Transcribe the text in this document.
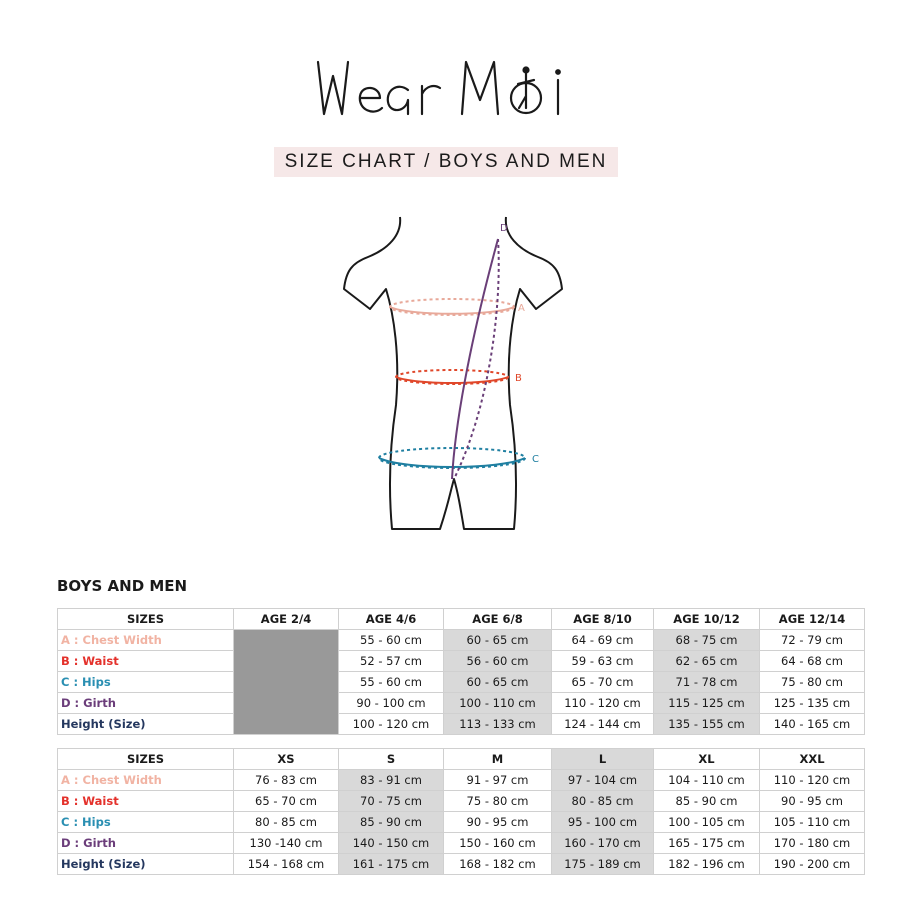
SIZE CHART / BOYS AND MEN
A
B
C
D
BOYS AND MEN
SIZES	AGE 2/4	AGE 4/6	AGE 6/8	AGE 8/10	AGE 10/12	AGE 12/14
A : Chest Width		55 - 60 cm	60 - 65 cm	64 - 69 cm	68 - 75 cm	72 - 79 cm
B : Waist		52 - 57 cm	56 - 60 cm	59 - 63 cm	62 - 65 cm	64 - 68 cm
C : Hips		55 - 60 cm	60 - 65 cm	65 - 70 cm	71 - 78 cm	75 - 80 cm
D : Girth		90 - 100 cm	100 - 110 cm	110 - 120 cm	115 - 125 cm	125 - 135 cm
Height (Size)		100 - 120 cm	113 - 133 cm	124 - 144 cm	135 - 155 cm	140 - 165 cm
SIZES	XS	S	M	L	XL	XXL
A : Chest Width	76 - 83 cm	83 - 91 cm	91 - 97 cm	97 - 104 cm	104 - 110 cm	110 - 120 cm
B : Waist	65 - 70 cm	70 - 75 cm	75 - 80 cm	80 - 85 cm	85 - 90 cm	90 - 95 cm
C : Hips	80 - 85 cm	85 - 90 cm	90 - 95 cm	95 - 100 cm	100 - 105 cm	105 - 110 cm
D : Girth	130 -140 cm	140 - 150 cm	150 - 160 cm	160 - 170 cm	165 - 175 cm	170 - 180 cm
Height (Size)	154 - 168 cm	161 - 175 cm	168 - 182 cm	175 - 189 cm	182 - 196 cm	190 - 200 cm
